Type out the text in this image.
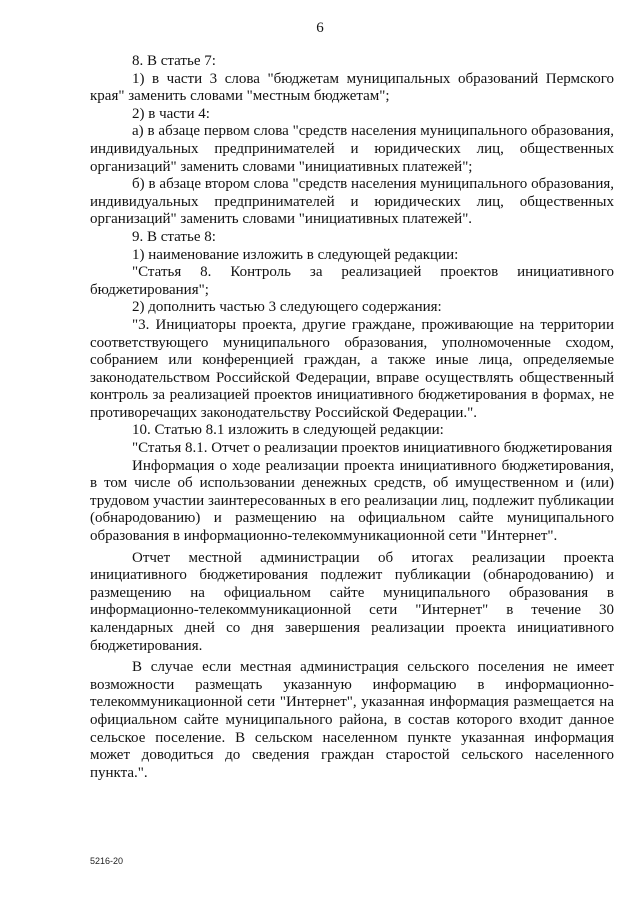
6

8. В статье 7:

1) в части 3 слова "бюджетам муниципальных образований Пермского края" заменить словами "местным бюджетам";

2) в части 4:

а) в абзаце первом слова "средств населения муниципального образования, индивидуальных предпринимателей и юридических лиц, общественных организаций" заменить словами "инициативных платежей";

б) в абзаце втором слова "средств населения муниципального образования, индивидуальных предпринимателей и юридических лиц, общественных организаций" заменить словами "инициативных платежей".

9. В статье 8:

1) наименование изложить в следующей редакции:

"Статья 8. Контроль за реализацией проектов инициативного бюджетирования";

2) дополнить частью 3 следующего содержания:

"3. Инициаторы проекта, другие граждане, проживающие на территории соответствующего муниципального образования, уполномоченные сходом, собранием или конференцией граждан, а также иные лица, определяемые законодательством Российской Федерации, вправе осуществлять общественный контроль за реализацией проектов инициативного бюджетирования в формах, не противоречащих законодательству Российской Федерации.".

10. Статью 8.1 изложить в следующей редакции:

"Статья 8.1. Отчет о реализации проектов инициативного бюджетирования

Информация о ходе реализации проекта инициативного бюджетирования, в том числе об использовании денежных средств, об имущественном и (или) трудовом участии заинтересованных в его реализации лиц, подлежит публикации (обнародованию) и размещению на официальном сайте муниципального образования в информационно-телекоммуникационной сети "Интернет".

Отчет местной администрации об итогах реализации проекта инициативного бюджетирования подлежит публикации (обнародованию) и размещению на официальном сайте муниципального образования в информационно-телекоммуникационной сети "Интернет" в течение 30 календарных дней со дня завершения реализации проекта инициативного бюджетирования.

В случае если местная администрация сельского поселения не имеет возможности размещать указанную информацию в информационно-телекоммуникационной сети "Интернет", указанная информация размещается на официальном сайте муниципального района, в состав которого входит данное сельское поселение. В сельском населенном пункте указанная информация может доводиться до сведения граждан старостой сельского населенного пункта.".

5216-20
